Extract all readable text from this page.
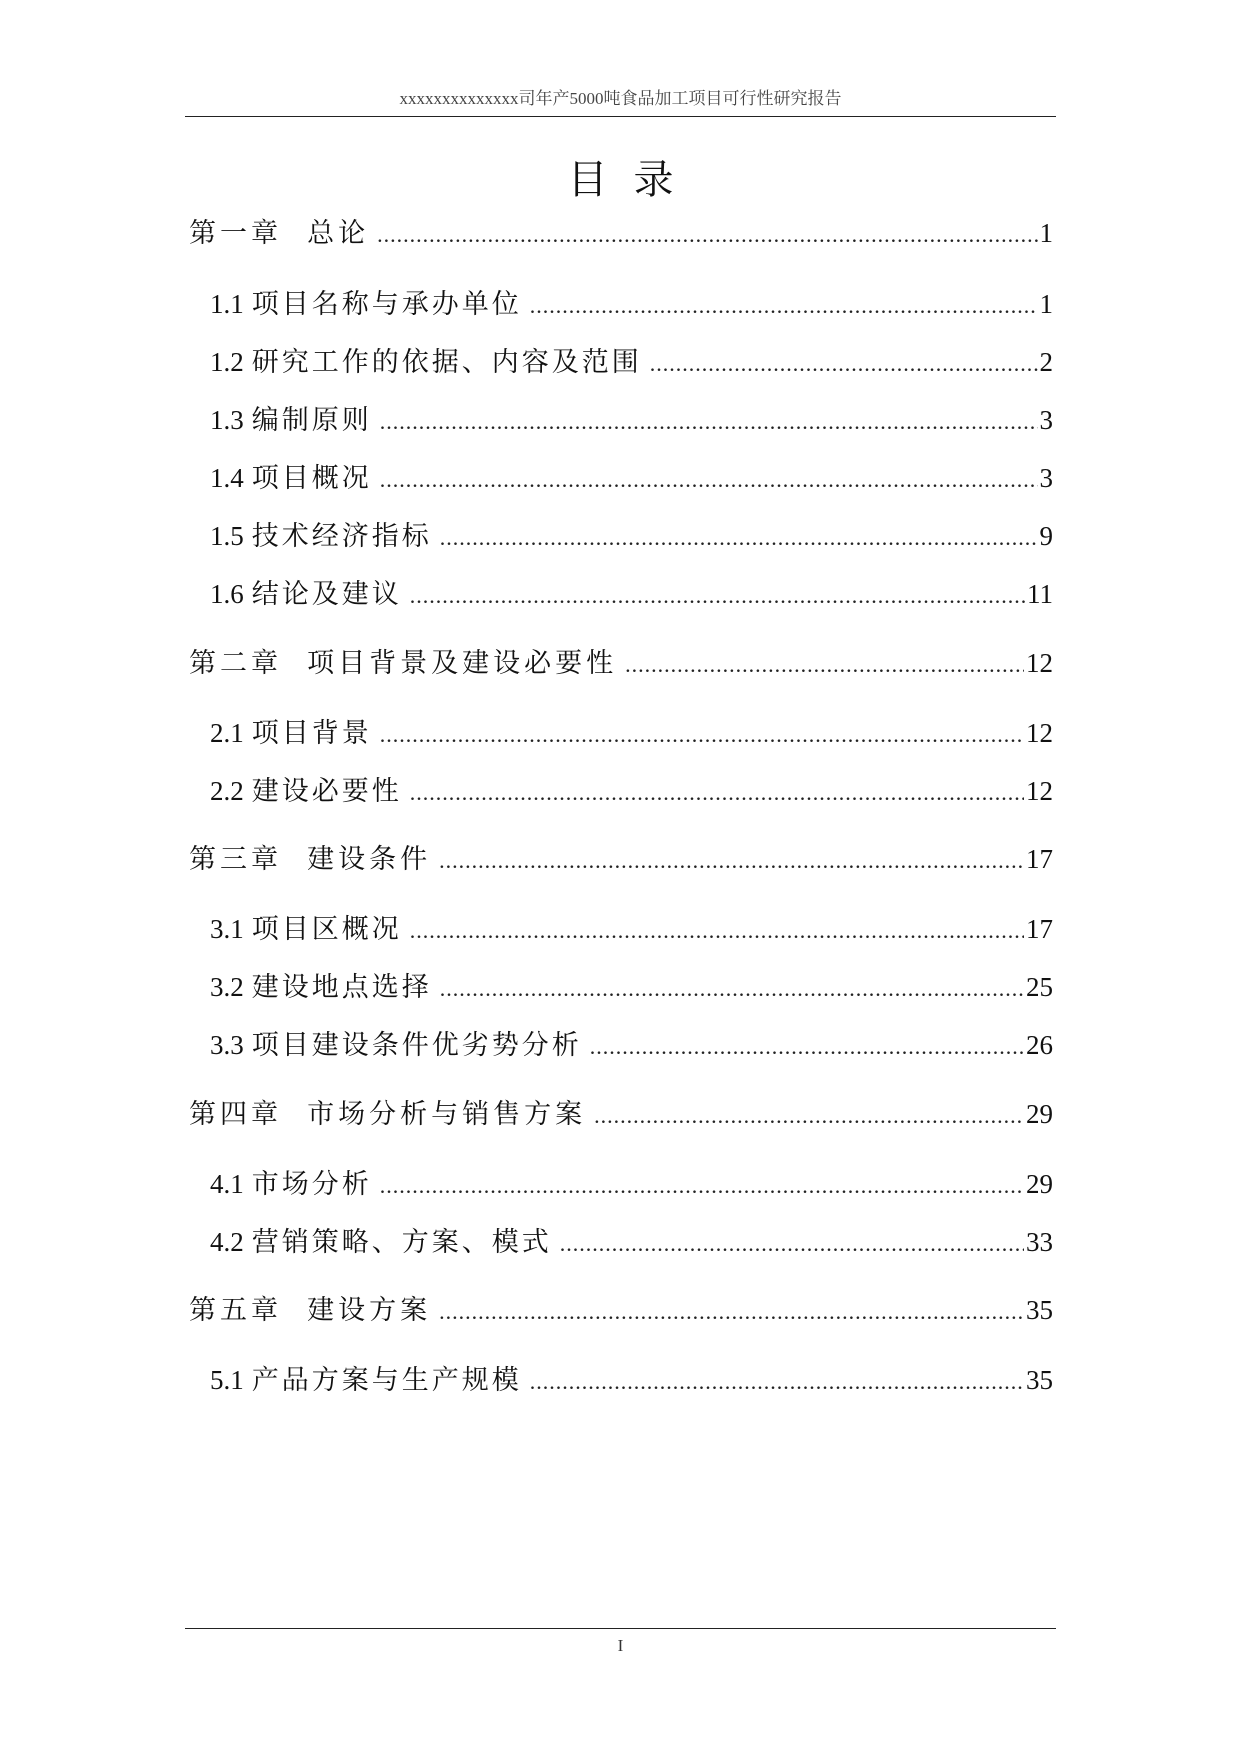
xxxxxxxxxxxxxx司年产5000吨食品加工项目可行性研究报告
目录
第一章  总论 .....	1
1.1 项目名称与承办单位 .....	1
1.2 研究工作的依据、内容及范围 .....	2
1.3 编制原则 .....	3
1.4 项目概况 .....	3
1.5 技术经济指标 .....	9
1.6 结论及建议 .....	11
第二章  项目背景及建设必要性 .....	12
2.1 项目背景 .....	12
2.2 建设必要性 .....	12
第三章  建设条件 .....	17
3.1 项目区概况 .....	17
3.2 建设地点选择 .....	25
3.3 项目建设条件优劣势分析 .....	26
第四章  市场分析与销售方案 .....	29
4.1 市场分析 .....	29
4.2 营销策略、方案、模式 .....	33
第五章  建设方案 .....	35
5.1 产品方案与生产规模 .....	35
I
